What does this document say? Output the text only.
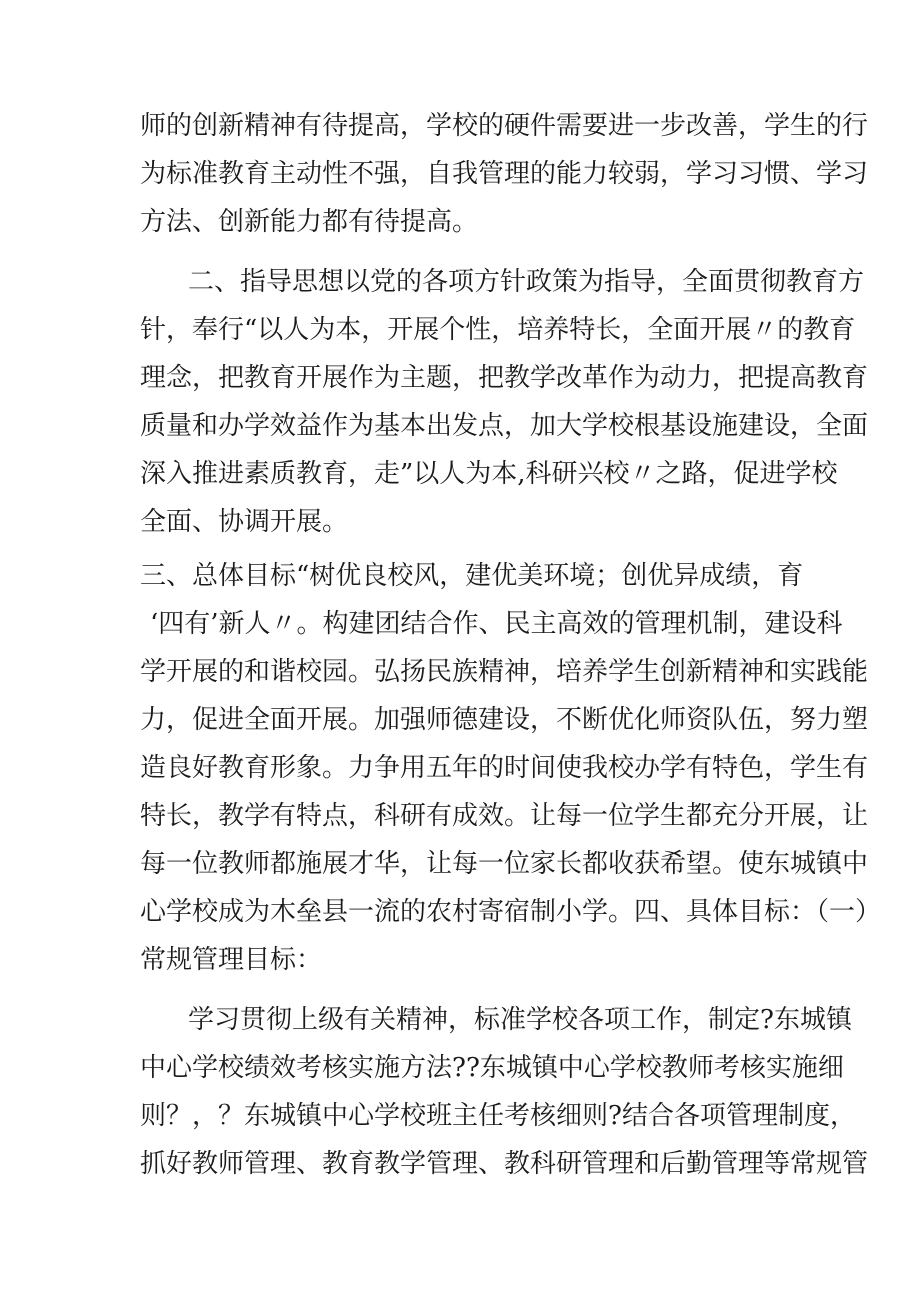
师的创新精神有待提高，学校的硬件需要进一步改善，学生的行
为标准教育主动性不强，自我管理的能力较弱，学习习惯、学习
方法、创新能力都有待提高。
二、指导思想以党的各项方针政策为指导，全面贯彻教育方
针，奉行“以人为本，开展个性，培养特长，全面开展〃的教育
理念，把教育开展作为主题，把教学改革作为动力，把提高教育
质量和办学效益作为基本出发点，加大学校根基设施建设，全面
深入推进素质教育，走”以人为本,科研兴校〃之路，促进学校
全面、协调开展。
三、总体目标“树优良校风，建优美环境；创优异成绩，育
‘四有’新人〃。构建团结合作、民主高效的管理机制，建设科
学开展的和谐校园。弘扬民族精神，培养学生创新精神和实践能
力，促进全面开展。加强师德建设，不断优化师资队伍，努力塑
造良好教育形象。力争用五年的时间使我校办学有特色，学生有
特长，教学有特点，科研有成效。让每一位学生都充分开展，让
每一位教师都施展才华，让每一位家长都收获希望。使东城镇中
心学校成为木垒县一流的农村寄宿制小学。四、具体目标：（一）
常规管理目标：
学习贯彻上级有关精神，标准学校各项工作，制定?东城镇
中心学校绩效考核实施方法??东城镇中心学校教师考核实施细
则？，？东城镇中心学校班主任考核细则?结合各项管理制度，
抓好教师管理、教育教学管理、教科研管理和后勤管理等常规管
